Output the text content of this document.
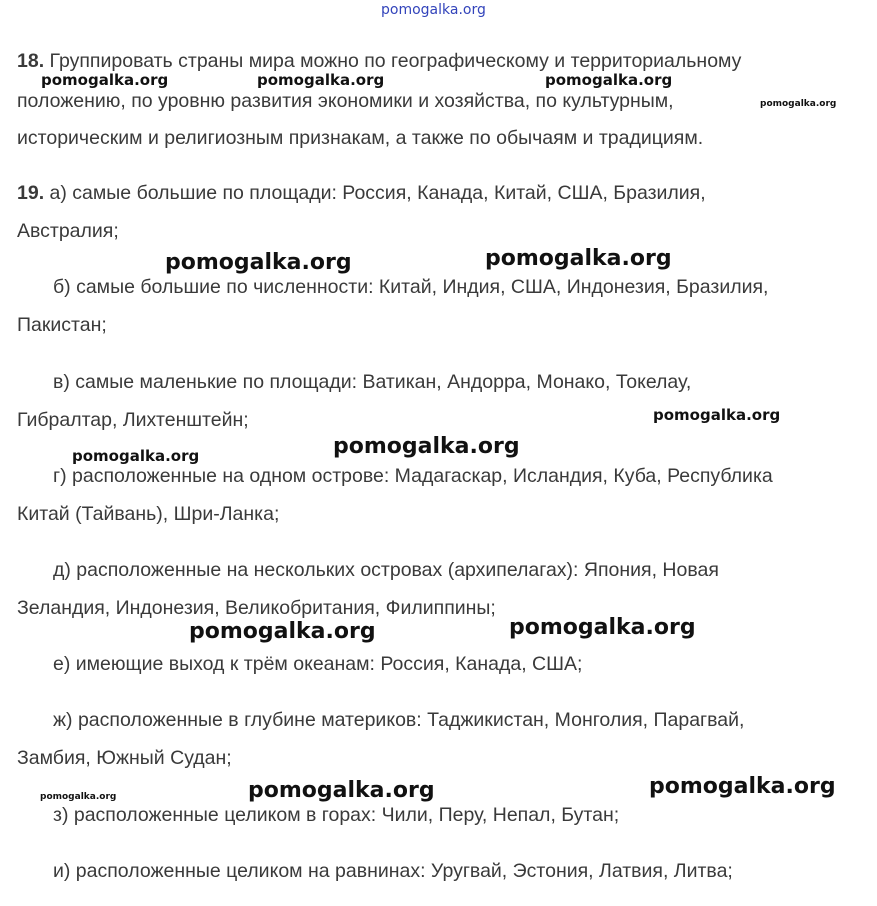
18. Группировать страны мира можно по географическому и территориальному

положению, по уровню развития экономики и хозяйства, по культурным,

историческим и религиозным признакам, а также по обычаям и традициям.

19. а) самые большие по площади: Россия, Канада, Китай, США, Бразилия,

Австралия;

б) самые большие по численности: Китай, Индия, США, Индонезия, Бразилия,

Пакистан;

в) самые маленькие по площади: Ватикан, Андорра, Монако, Токелау,

Гибралтар, Лихтенштейн;

г) расположенные на одном острове: Мадагаскар, Исландия, Куба, Республика

Китай (Тайвань), Шри-Ланка;

д) расположенные на нескольких островах (архипелагах): Япония, Новая

Зеландия, Индонезия, Великобритания, Филиппины;

е) имеющие выход к трём океанам: Россия, Канада, США;

ж) расположенные в глубине материков: Таджикистан, Монголия, Парагвай,

Замбия, Южный Судан;

з) расположенные целиком в горах: Чили, Перу, Непал, Бутан;

и) расположенные целиком на равнинах: Уругвай, Эстония, Латвия, Литва;

pomogalka.org
pomogalka.org	pomogalka.org	pomogalka.org
pomogalka.org
pomogalka.org	pomogalka.org
pomogalka.org
pomogalka.org	pomogalka.org
pomogalka.org	pomogalka.org
pomogalka.org	pomogalka.org	pomogalka.org
